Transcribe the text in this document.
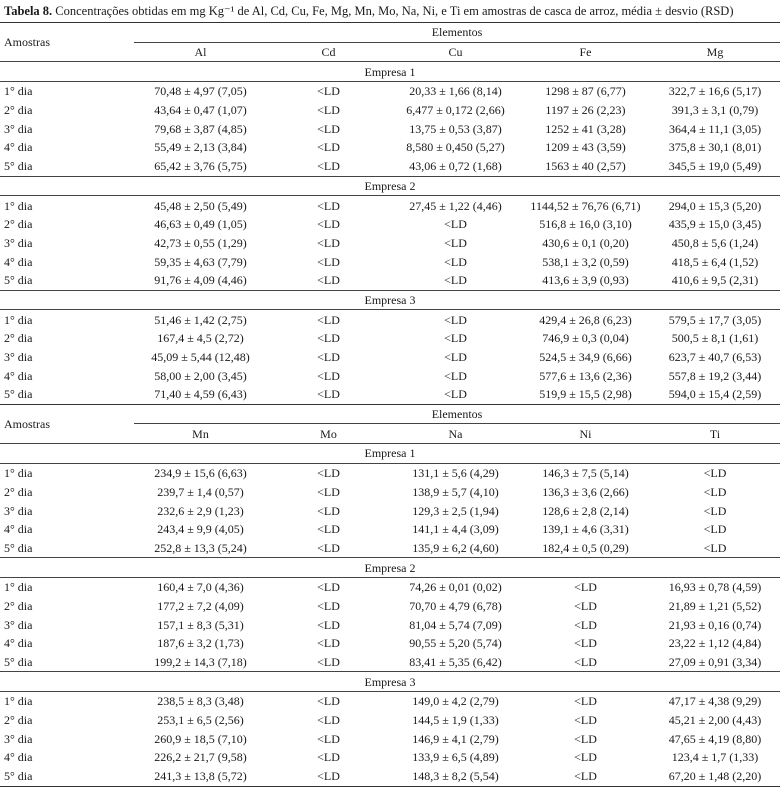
Tabela 8. Concentrações obtidas em mg Kg⁻¹ de Al, Cd, Cu, Fe, Mg, Mn, Mo, Na, Ni, e Ti em amostras de casca de arroz, média ± desvio (RSD)
Amostras	Elementos				
	Al	Cd	Cu	Fe	Mg
Empresa 1					
1° dia	70,48 ± 4,97 (7,05)	<LD	20,33 ± 1,66 (8,14)	1298 ± 87 (6,77)	322,7 ± 16,6 (5,17)
2° dia	43,64 ± 0,47 (1,07)	<LD	6,477 ± 0,172 (2,66)	1197 ± 26 (2,23)	391,3 ± 3,1 (0,79)
3° dia	79,68 ± 3,87 (4,85)	<LD	13,75 ± 0,53 (3,87)	1252 ± 41 (3,28)	364,4 ± 11,1 (3,05)
4° dia	55,49 ± 2,13 (3,84)	<LD	8,580 ± 0,450 (5,27)	1209 ± 43 (3,59)	375,8 ± 30,1 (8,01)
5° dia	65,42 ± 3,76 (5,75)	<LD	43,06 ± 0,72 (1,68)	1563 ± 40 (2,57)	345,5 ± 19,0 (5,49)
Empresa 2					
1° dia	45,48 ± 2,50 (5,49)	<LD	27,45 ± 1,22 (4,46)	1144,52 ± 76,76 (6,71)	294,0 ± 15,3 (5,20)
2° dia	46,63 ± 0,49 (1,05)	<LD	<LD	516,8 ± 16,0 (3,10)	435,9 ± 15,0 (3,45)
3° dia	42,73 ± 0,55 (1,29)	<LD	<LD	430,6 ± 0,1 (0,20)	450,8 ± 5,6 (1,24)
4° dia	59,35 ± 4,63 (7,79)	<LD	<LD	538,1 ± 3,2 (0,59)	418,5 ± 6,4 (1,52)
5° dia	91,76 ± 4,09 (4,46)	<LD	<LD	413,6 ± 3,9 (0,93)	410,6 ± 9,5 (2,31)
Empresa 3					
1° dia	51,46 ± 1,42 (2,75)	<LD	<LD	429,4 ± 26,8 (6,23)	579,5 ± 17,7 (3,05)
2° dia	167,4 ± 4,5 (2,72)	<LD	<LD	746,9 ± 0,3 (0,04)	500,5 ± 8,1 (1,61)
3° dia	45,09 ± 5,44 (12,48)	<LD	<LD	524,5 ± 34,9 (6,66)	623,7 ± 40,7 (6,53)
4° dia	58,00 ± 2,00 (3,45)	<LD	<LD	577,6 ± 13,6 (2,36)	557,8 ± 19,2 (3,44)
5° dia	71,40 ± 4,59 (6,43)	<LD	<LD	519,9 ± 15,5 (2,98)	594,0 ± 15,4 (2,59)
Amostras	Elementos				
	Mn	Mo	Na	Ni	Ti
Empresa 1					
1° dia	234,9 ± 15,6 (6,63)	<LD	131,1 ± 5,6 (4,29)	146,3 ± 7,5 (5,14)	<LD
2° dia	239,7 ± 1,4 (0,57)	<LD	138,9 ± 5,7 (4,10)	136,3 ± 3,6 (2,66)	<LD
3° dia	232,6 ± 2,9 (1,23)	<LD	129,3 ± 2,5 (1,94)	128,6 ± 2,8 (2,14)	<LD
4° dia	243,4 ± 9,9 (4,05)	<LD	141,1 ± 4,4 (3,09)	139,1 ± 4,6 (3,31)	<LD
5° dia	252,8 ± 13,3 (5,24)	<LD	135,9 ± 6,2 (4,60)	182,4 ± 0,5 (0,29)	<LD
Empresa 2					
1° dia	160,4 ± 7,0 (4,36)	<LD	74,26 ± 0,01 (0,02)	<LD	16,93 ± 0,78 (4,59)
2° dia	177,2 ± 7,2 (4,09)	<LD	70,70 ± 4,79 (6,78)	<LD	21,89 ± 1,21 (5,52)
3° dia	157,1 ± 8,3 (5,31)	<LD	81,04 ± 5,74 (7,09)	<LD	21,93 ± 0,16 (0,74)
4° dia	187,6 ± 3,2 (1,73)	<LD	90,55 ± 5,20 (5,74)	<LD	23,22 ± 1,12 (4,84)
5° dia	199,2 ± 14,3 (7,18)	<LD	83,41 ± 5,35 (6,42)	<LD	27,09 ± 0,91 (3,34)
Empresa 3					
1° dia	238,5 ± 8,3 (3,48)	<LD	149,0 ± 4,2 (2,79)	<LD	47,17 ± 4,38 (9,29)
2° dia	253,1 ± 6,5 (2,56)	<LD	144,5 ± 1,9 (1,33)	<LD	45,21 ± 2,00 (4,43)
3° dia	260,9 ± 18,5 (7,10)	<LD	146,9 ± 4,1 (2,79)	<LD	47,65 ± 4,19 (8,80)
4° dia	226,2 ± 21,7 (9,58)	<LD	133,9 ± 6,5 (4,89)	<LD	123,4 ± 1,7 (1,33)
5° dia	241,3 ± 13,8 (5,72)	<LD	148,3 ± 8,2 (5,54)	<LD	67,20 ± 1,48 (2,20)
